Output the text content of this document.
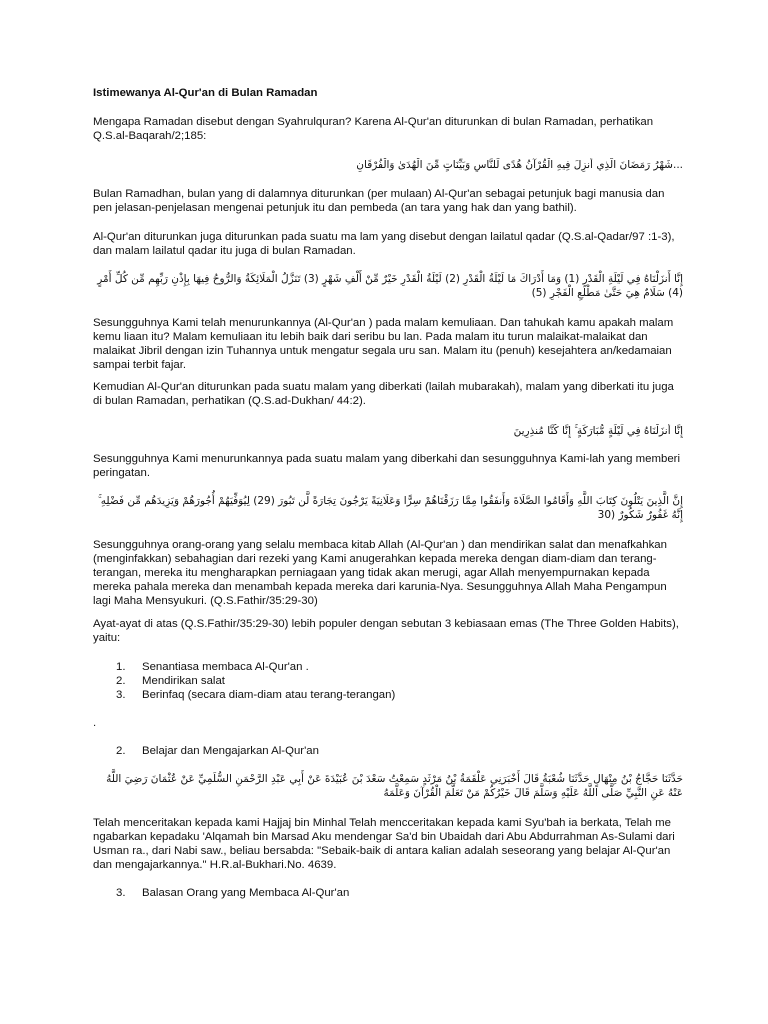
Istimewanya Al-Qur'an di Bulan Ramadan

Mengapa Ramadan disebut dengan Syahrulquran? Karena Al-Qur'an diturunkan di bulan Ramadan, perhatikan Q.S.al-Baqarah/2;185:

...شَهْرُ رَمَضَانَ الَّذِي أُنزِلَ فِيهِ الْقُرْآنُ هُدًى لِّلنَّاسِ وَبَيِّنَاتٍ مِّنَ الْهُدَىٰ وَالْفُرْقَانِ

Bulan Ramadhan, bulan yang di dalamnya diturunkan (per mulaan) Al-Qur'an sebagai petunjuk bagi manusia dan pen jelasan-penjelasan mengenai petunjuk itu dan pembeda (an tara yang hak dan yang bathil).

Al-Qur'an diturunkan juga diturunkan pada suatu ma lam yang disebut dengan lailatul qadar (Q.S.al-Qadar/97 :1-3), dan malam lailatul qadar itu juga di bulan Ramadan.

إِنَّا أَنزَلْنَاهُ فِي لَيْلَةِ الْقَدْرِ (1) وَمَا أَدْرَاكَ مَا لَيْلَةُ الْقَدْرِ (2) لَيْلَةُ الْقَدْرِ خَيْرٌ مِّنْ أَلْفِ شَهْرٍ (3) تَنَزَّلُ الْمَلَائِكَةُ وَالرُّوحُ فِيهَا بِإِذْنِ رَبِّهِم مِّن كُلِّ أَمْرٍ (4) سَلَامٌ هِيَ حَتَّىٰ مَطْلَعِ الْفَجْرِ (5)

Sesungguhnya Kami telah menurunkannya (Al-Qur'an ) pada malam kemuliaan. Dan tahukah kamu apakah malam kemu liaan itu? Malam kemuliaan itu lebih baik dari seribu bu lan. Pada malam itu turun malaikat-malaikat dan malaikat Jibril dengan izin Tuhannya untuk mengatur segala uru san. Malam itu (penuh) kesejahtera an/kedamaian sampai terbit fajar.

Kemudian Al-Qur'an diturunkan pada suatu malam yang diberkati (lailah mubarakah), malam yang diberkati itu juga di bulan Ramadan, perhatikan (Q.S.ad-Dukhan/ 44:2).

إِنَّا أَنزَلْنَاهُ فِي لَيْلَةٍ مُّبَارَكَةٍ ۚ إِنَّا كُنَّا مُنذِرِينَ

Sesungguhnya Kami menurunkannya pada suatu malam yang diberkahi dan sesungguhnya Kami-lah yang memberi peringatan.

إِنَّ الَّذِينَ يَتْلُونَ كِتَابَ اللَّهِ وَأَقَامُوا الصَّلَاةَ وَأَنفَقُوا مِمَّا رَزَقْنَاهُمْ سِرًّا وَعَلَانِيَةً يَرْجُونَ تِجَارَةً لَّن تَبُورَ (29) لِيُوَفِّيَهُمْ أُجُورَهُمْ وَيَزِيدَهُم مِّن فَضْلِهِ ۚ إِنَّهُ غَفُورٌ شَكُورٌ (30

Sesungguhnya orang-orang yang selalu membaca kitab Allah (Al-Qur'an ) dan mendirikan salat dan menafkahkan (menginfakkan) sebahagian dari rezeki yang Kami anugerahkan kepada mereka dengan diam-diam dan terang-terangan, mereka itu mengharapkan perniagaan yang tidak akan merugi, agar Allah menyempurnakan kepada mereka pahala mereka dan menambah kepada mereka dari karunia-Nya. Sesungguhnya Allah Maha Pengampun lagi Maha Mensyukuri. (Q.S.Fathir/35:29-30)

Ayat-ayat di atas (Q.S.Fathir/35:29-30) lebih populer dengan sebutan 3 kebiasaan emas (The Three Golden Habits), yaitu:

1.	Senantiasa membaca Al-Qur'an .
2.	Mendirikan salat
3.	Berinfaq (secara diam-diam atau terang-terangan)

.

2.	Belajar dan Mengajarkan Al-Qur'an

حَدَّثَنَا حَجَّاجُ بْنُ مِنْهَالٍ حَدَّثَنَا شُعْبَةُ قَالَ أَخْبَرَنِي عَلْقَمَةُ بْنُ مَرْثَدٍ سَمِعْتُ سَعْدَ بْنَ عُبَيْدَةَ عَنْ أَبِي عَبْدِ الرَّحْمَنِ السُّلَمِيِّ عَنْ عُثْمَانَ رَضِيَ اللَّهُ عَنْهُ عَنِ النَّبِيِّ صَلَّى اللَّهُ عَلَيْهِ وَسَلَّمَ قَالَ خَيْرُكُمْ مَنْ تَعَلَّمَ الْقُرْآنَ وَعَلَّمَهُ

Telah menceritakan kepada kami Hajjaj bin Minhal Telah mencceritakan kepada kami Syu'bah ia berkata, Telah me ngabarkan kepadaku 'Alqamah bin Marsad Aku mendengar Sa'd bin Ubaidah dari Abu Abdurrahman As-Sulami dari Usman ra., dari Nabi saw., beliau bersabda: "Sebaik-baik di antara kalian adalah seseorang yang belajar Al-Qur'an dan mengajarkannya." H.R.al-Bukhari.No. 4639.

3.	Balasan Orang yang Membaca Al-Qur'an
